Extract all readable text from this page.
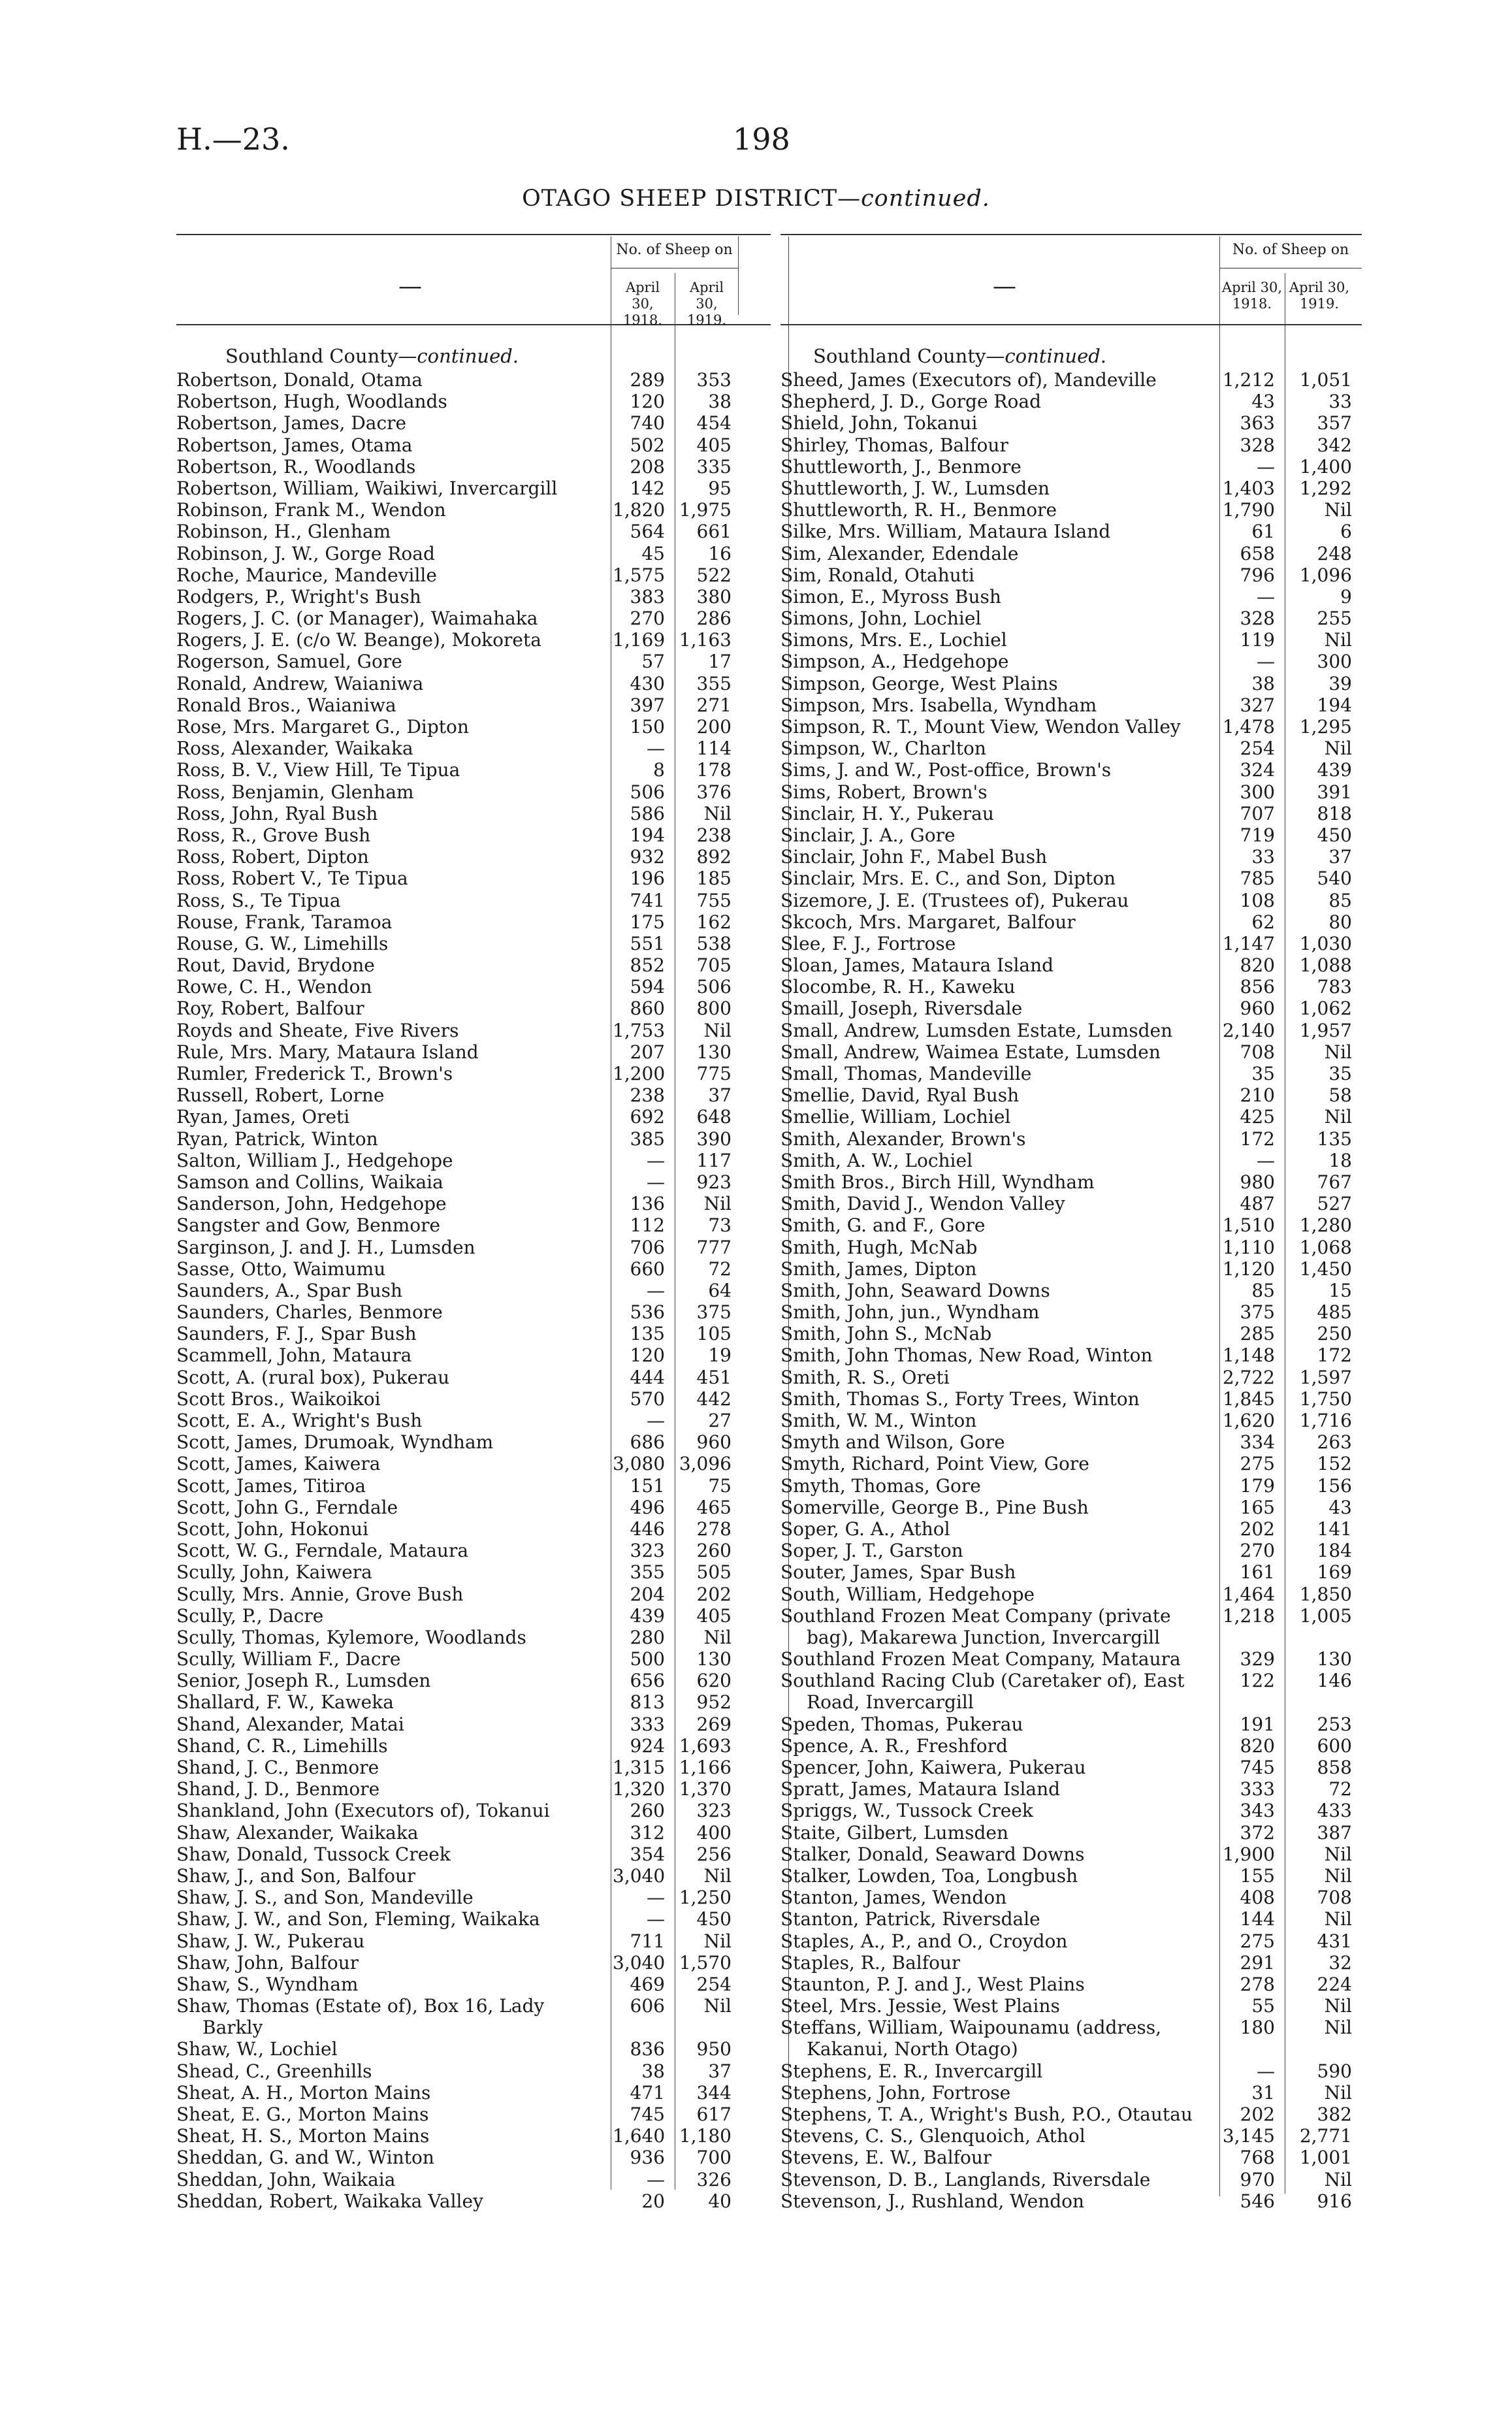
H.—23.	198
OTAGO SHEEP DISTRICT—continued.
—
No. of Sheep on
April 30, 1918.
April 30, 1919.
Southland County—continued.
Robertson, Donald, Otama	289	353
Robertson, Hugh, Woodlands	120	38
Robertson, James, Dacre	740	454
Robertson, James, Otama	502	405
Robertson, R., Woodlands	208	335
Robertson, William, Waikiwi, Invercargill	142	95
Robinson, Frank M., Wendon	1,820 1,975
Robinson, H., Glenham	564	661
Robinson, J. W., Gorge Road	45	16
Roche, Maurice, Mandeville	1,575	522
Rodgers, P., Wright's Bush	383	380
Rogers, J. C. (or Manager), Waimahaka	270	286
Rogers, J. E. (c/o W. Beange), Mokoreta	1,169 1,163
Rogerson, Samuel, Gore	57	17
Ronald, Andrew, Waianiwa	430	355
Ronald Bros., Waianiwa	397	271
Rose, Mrs. Margaret G., Dipton	150	200
Ross, Alexander, Waikaka	—	114
Ross, B. V., View Hill, Te Tipua	8	178
Ross, Benjamin, Glenham	506	376
Ross, John, Ryal Bush	586	Nil
Ross, R., Grove Bush	194	238
Ross, Robert, Dipton	932	892
Ross, Robert V., Te Tipua	196	185
Ross, S., Te Tipua	741	755
Rouse, Frank, Taramoa	175	162
Rouse, G. W., Limehills	551	538
Rout, David, Brydone	852	705
Rowe, C. H., Wendon	594	506
Roy, Robert, Balfour	860	800
Royds and Sheate, Five Rivers	1,753	Nil
Rule, Mrs. Mary, Mataura Island	207	130
Rumler, Frederick T., Brown's	1,200	775
Russell, Robert, Lorne	238	37
Ryan, James, Oreti	692	648
Ryan, Patrick, Winton	385	390
Salton, William J., Hedgehope	—	117
Samson and Collins, Waikaia	—	923
Sanderson, John, Hedgehope	136	Nil
Sangster and Gow, Benmore	112	73
Sarginson, J. and J. H., Lumsden	706	777
Sasse, Otto, Waimumu	660	72
Saunders, A., Spar Bush	—	64
Saunders, Charles, Benmore	536	375
Saunders, F. J., Spar Bush	135	105
Scammell, John, Mataura	120	19
Scott, A. (rural box), Pukerau	444	451
Scott Bros., Waikoikoi	570	442
Scott, E. A., Wright's Bush	—	27
Scott, James, Drumoak, Wyndham	686	960
Scott, James, Kaiwera	3,080 3,096
Scott, James, Titiroa	151	75
Scott, John G., Ferndale	496	465
Scott, John, Hokonui	446	278
Scott, W. G., Ferndale, Mataura	323	260
Scully, John, Kaiwera	355	505
Scully, Mrs. Annie, Grove Bush	204	202
Scully, P., Dacre	439	405
Scully, Thomas, Kylemore, Woodlands	280	Nil
Scully, William F., Dacre	500	130
Senior, Joseph R., Lumsden	656	620
Shallard, F. W., Kaweka	813	952
Shand, Alexander, Matai	333	269
Shand, C. R., Limehills	924 1,693
Shand, J. C., Benmore	1,315 1,166
Shand, J. D., Benmore	1,320 1,370
Shankland, John (Executors of), Tokanui	260	323
Shaw, Alexander, Waikaka	312	400
Shaw, Donald, Tussock Creek	354	256
Shaw, J., and Son, Balfour	3,040	Nil
Shaw, J. S., and Son, Mandeville	— 1,250
Shaw, J. W., and Son, Fleming, Waikaka	—	450
Shaw, J. W., Pukerau	711	Nil
Shaw, John, Balfour	3,040 1,570
Shaw, S., Wyndham	469	254
Shaw, Thomas (Estate of), Box 16, Lady	606	Nil
Barkly
Shaw, W., Lochiel	836	950
Shead, C., Greenhills	38	37
Sheat, A. H., Morton Mains	471	344
Sheat, E. G., Morton Mains	745	617
Sheat, H. S., Morton Mains	1,640 1,180
Sheddan, G. and W., Winton	936	700
Sheddan, John, Waikaia	—	326
Sheddan, Robert, Waikaka Valley	20	40
—
No. of Sheep on
April 30, 1918.
April 30, 1919.
Southland County—continued.
Sheed, James (Executors of), Mandeville	1,212	1,051
Shepherd, J. D., Gorge Road	43	33
Shield, John, Tokanui	363	357
Shirley, Thomas, Balfour	328	342
Shuttleworth, J., Benmore	—	1,400
Shuttleworth, J. W., Lumsden	1,403	1,292
Shuttleworth, R. H., Benmore	1,790	Nil
Silke, Mrs. William, Mataura Island	61	6
Sim, Alexander, Edendale	658	248
Sim, Ronald, Otahuti	796	1,096
Simon, E., Myross Bush	—	9
Simons, John, Lochiel	328	255
Simons, Mrs. E., Lochiel	119	Nil
Simpson, A., Hedgehope	—	300
Simpson, George, West Plains	38	39
Simpson, Mrs. Isabella, Wyndham	327	194
Simpson, R. T., Mount View, Wendon Valley 1,478	1,295
Simpson, W., Charlton	254	Nil
Sims, J. and W., Post-office, Brown's	324	439
Sims, Robert, Brown's	300	391
Sinclair, H. Y., Pukerau	707	818
Sinclair, J. A., Gore	719	450
Sinclair, John F., Mabel Bush	33	37
Sinclair, Mrs. E. C., and Son, Dipton	785	540
Sizemore, J. E. (Trustees of), Pukerau	108	85
Skcoch, Mrs. Margaret, Balfour	62	80
Slee, F. J., Fortrose	1,147	1,030
Sloan, James, Mataura Island	820	1,088
Slocombe, R. H., Kaweku	856	783
Smaill, Joseph, Riversdale	960	1,062
Small, Andrew, Lumsden Estate, Lumsden	2,140	1,957
Small, Andrew, Waimea Estate, Lumsden	708	Nil
Small, Thomas, Mandeville	35	35
Smellie, David, Ryal Bush	210	58
Smellie, William, Lochiel	425	Nil
Smith, Alexander, Brown's	172	135
Smith, A. W., Lochiel	—	18
Smith Bros., Birch Hill, Wyndham	980	767
Smith, David J., Wendon Valley	487	527
Smith, G. and F., Gore	1,510	1,280
Smith, Hugh, McNab	1,110	1,068
Smith, James, Dipton	1,120	1,450
Smith, John, Seaward Downs	85	15
Smith, John, jun., Wyndham	375	485
Smith, John S., McNab	285	250
Smith, John Thomas, New Road, Winton	1,148	172
Smith, R. S., Oreti	2,722	1,597
Smith, Thomas S., Forty Trees, Winton	1,845	1,750
Smith, W. M., Winton	1,620	1,716
Smyth and Wilson, Gore	334	263
Smyth, Richard, Point View, Gore	275	152
Smyth, Thomas, Gore	179	156
Somerville, George B., Pine Bush	165	43
Soper, G. A., Athol	202	141
Soper, J. T., Garston	270	184
Souter, James, Spar Bush	161	169
South, William, Hedgehope	1,464	1,850
Southland Frozen Meat Company (private	1,218	1,005
bag), Makarewa Junction, Invercargill
Southland Frozen Meat Company, Mataura	329	130
Southland Racing Club (Caretaker of), East	122	146
Road, Invercargill
Speden, Thomas, Pukerau	191	253
Spence, A. R., Freshford	820	600
Spencer, John, Kaiwera, Pukerau	745	858
Spratt, James, Mataura Island	333	72
Spriggs, W., Tussock Creek	343	433
Staite, Gilbert, Lumsden	372	387
Stalker, Donald, Seaward Downs	1,900	Nil
Stalker, Lowden, Toa, Longbush	155	Nil
Stanton, James, Wendon	408	708
Stanton, Patrick, Riversdale	144	Nil
Staples, A., P., and O., Croydon	275	431
Staples, R., Balfour	291	32
Staunton, P. J. and J., West Plains	278	224
Steel, Mrs. Jessie, West Plains	55	Nil
Steffans, William, Waipounamu (address,	180	Nil
Kakanui, North Otago)
Stephens, E. R., Invercargill	—	590
Stephens, John, Fortrose	31	Nil
Stephens, T. A., Wright's Bush, P.O., Otautau	202	382
Stevens, C. S., Glenquoich, Athol	3,145	2,771
Stevens, E. W., Balfour	768	1,001
Stevenson, D. B., Langlands, Riversdale	970	Nil
Stevenson, J., Rushland, Wendon	546	916
